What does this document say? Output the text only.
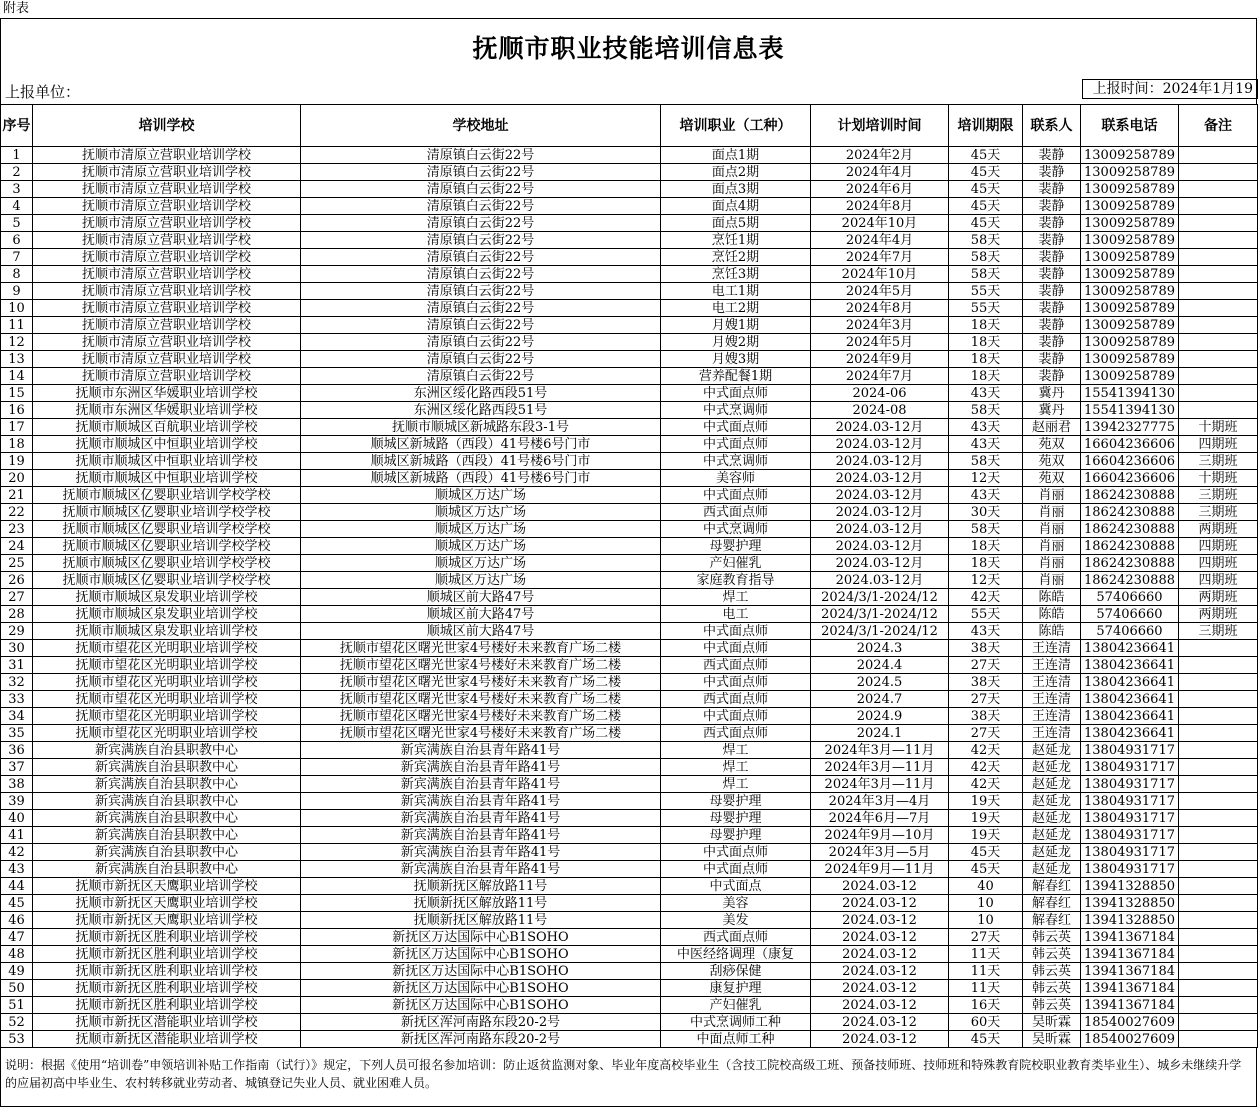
附表
抚顺市职业技能培训信息表
上报单位：	上报时间：2024年1月19
序号	培训学校	学校地址	培训职业（工种）	计划培训时间	培训期限	联系人	联系电话	备注
1	抚顺市清原立营职业培训学校	清原镇白云街22号	面点1期	2024年2月	45天	裴静	13009258789	
2	抚顺市清原立营职业培训学校	清原镇白云街22号	面点2期	2024年4月	45天	裴静	13009258789	
3	抚顺市清原立营职业培训学校	清原镇白云街22号	面点3期	2024年6月	45天	裴静	13009258789	
4	抚顺市清原立营职业培训学校	清原镇白云街22号	面点4期	2024年8月	45天	裴静	13009258789	
5	抚顺市清原立营职业培训学校	清原镇白云街22号	面点5期	2024年10月	45天	裴静	13009258789	
6	抚顺市清原立营职业培训学校	清原镇白云街22号	烹饪1期	2024年4月	58天	裴静	13009258789	
7	抚顺市清原立营职业培训学校	清原镇白云街22号	烹饪2期	2024年7月	58天	裴静	13009258789	
8	抚顺市清原立营职业培训学校	清原镇白云街22号	烹饪3期	2024年10月	58天	裴静	13009258789	
9	抚顺市清原立营职业培训学校	清原镇白云街22号	电工1期	2024年5月	55天	裴静	13009258789	
10	抚顺市清原立营职业培训学校	清原镇白云街22号	电工2期	2024年8月	55天	裴静	13009258789	
11	抚顺市清原立营职业培训学校	清原镇白云街22号	月嫂1期	2024年3月	18天	裴静	13009258789	
12	抚顺市清原立营职业培训学校	清原镇白云街22号	月嫂2期	2024年5月	18天	裴静	13009258789	
13	抚顺市清原立营职业培训学校	清原镇白云街22号	月嫂3期	2024年9月	18天	裴静	13009258789	
14	抚顺市清原立营职业培训学校	清原镇白云街22号	营养配餐1期	2024年7月	18天	裴静	13009258789	
15	抚顺市东洲区华媛职业培训学校	东洲区绥化路西段51号	中式面点师	2024-06	43天	冀丹	15541394130	
16	抚顺市东洲区华媛职业培训学校	东洲区绥化路西段51号	中式烹调师	2024-08	58天	冀丹	15541394130	
17	抚顺市顺城区百航职业培训学校	抚顺市顺城区新城路东段3-1号	中式面点师	2024.03-12月	43天	赵丽君	13942327775	十期班
18	抚顺市顺城区中恒职业培训学校	顺城区新城路（西段）41号楼6号门市	中式面点师	2024.03-12月	43天	苑双	16604236606	四期班
19	抚顺市顺城区中恒职业培训学校	顺城区新城路（西段）41号楼6号门市	中式烹调师	2024.03-12月	58天	苑双	16604236606	三期班
20	抚顺市顺城区中恒职业培训学校	顺城区新城路（西段）41号楼6号门市	美容师	2024.03-12月	12天	苑双	16604236606	十期班
21	抚顺市顺城区亿婴职业培训学校学校	顺城区万达广场	中式面点师	2024.03-12月	43天	肖丽	18624230888	三期班
22	抚顺市顺城区亿婴职业培训学校学校	顺城区万达广场	西式面点师	2024.03-12月	30天	肖丽	18624230888	三期班
23	抚顺市顺城区亿婴职业培训学校学校	顺城区万达广场	中式烹调师	2024.03-12月	58天	肖丽	18624230888	两期班
24	抚顺市顺城区亿婴职业培训学校学校	顺城区万达广场	母婴护理	2024.03-12月	18天	肖丽	18624230888	四期班
25	抚顺市顺城区亿婴职业培训学校学校	顺城区万达广场	产妇催乳	2024.03-12月	18天	肖丽	18624230888	四期班
26	抚顺市顺城区亿婴职业培训学校学校	顺城区万达广场	家庭教育指导	2024.03-12月	12天	肖丽	18624230888	四期班
27	抚顺市顺城区泉发职业培训学校	顺城区前大路47号	焊工	2024/3/1-2024/12	42天	陈皓	57406660	两期班
28	抚顺市顺城区泉发职业培训学校	顺城区前大路47号	电工	2024/3/1-2024/12	55天	陈皓	57406660	两期班
29	抚顺市顺城区泉发职业培训学校	顺城区前大路47号	中式面点师	2024/3/1-2024/12	43天	陈皓	57406660	三期班
30	抚顺市望花区光明职业培训学校	抚顺市望花区曙光世家4号楼好未来教育广场二楼	中式面点师	2024.3	38天	王连清	13804236641	
31	抚顺市望花区光明职业培训学校	抚顺市望花区曙光世家4号楼好未来教育广场二楼	西式面点师	2024.4	27天	王连清	13804236641	
32	抚顺市望花区光明职业培训学校	抚顺市望花区曙光世家4号楼好未来教育广场二楼	中式面点师	2024.5	38天	王连清	13804236641	
33	抚顺市望花区光明职业培训学校	抚顺市望花区曙光世家4号楼好未来教育广场二楼	西式面点师	2024.7	27天	王连清	13804236641	
34	抚顺市望花区光明职业培训学校	抚顺市望花区曙光世家4号楼好未来教育广场二楼	中式面点师	2024.9	38天	王连清	13804236641	
35	抚顺市望花区光明职业培训学校	抚顺市望花区曙光世家4号楼好未来教育广场二楼	西式面点师	2024.1	27天	王连清	13804236641	
36	新宾满族自治县职教中心	新宾满族自治县青年路41号	焊工	2024年3月—11月	42天	赵延龙	13804931717	
37	新宾满族自治县职教中心	新宾满族自治县青年路41号	焊工	2024年3月—11月	42天	赵延龙	13804931717	
38	新宾满族自治县职教中心	新宾满族自治县青年路41号	焊工	2024年3月—11月	42天	赵延龙	13804931717	
39	新宾满族自治县职教中心	新宾满族自治县青年路41号	母婴护理	2024年3月—4月	19天	赵延龙	13804931717	
40	新宾满族自治县职教中心	新宾满族自治县青年路41号	母婴护理	2024年6月—7月	19天	赵延龙	13804931717	
41	新宾满族自治县职教中心	新宾满族自治县青年路41号	母婴护理	2024年9月—10月	19天	赵延龙	13804931717	
42	新宾满族自治县职教中心	新宾满族自治县青年路41号	中式面点师	2024年3月—5月	45天	赵延龙	13804931717	
43	新宾满族自治县职教中心	新宾满族自治县青年路41号	中式面点师	2024年9月—11月	45天	赵延龙	13804931717	
44	抚顺市新抚区天鹰职业培训学校	抚顺新抚区解放路11号	中式面点	2024.03-12	40	解春红	13941328850	
45	抚顺市新抚区天鹰职业培训学校	抚顺新抚区解放路11号	美容	2024.03-12	10	解春红	13941328850	
46	抚顺市新抚区天鹰职业培训学校	抚顺新抚区解放路11号	美发	2024.03-12	10	解春红	13941328850	
47	抚顺市新抚区胜利职业培训学校	新抚区万达国际中心B1SOHO	西式面点师	2024.03-12	27天	韩云英	13941367184	
48	抚顺市新抚区胜利职业培训学校	新抚区万达国际中心B1SOHO	中医经络调理（康复	2024.03-12	11天	韩云英	13941367184	
49	抚顺市新抚区胜利职业培训学校	新抚区万达国际中心B1SOHO	刮痧保健	2024.03-12	11天	韩云英	13941367184	
50	抚顺市新抚区胜利职业培训学校	新抚区万达国际中心B1SOHO	康复护理	2024.03-12	11天	韩云英	13941367184	
51	抚顺市新抚区胜利职业培训学校	新抚区万达国际中心B1SOHO	产妇催乳	2024.03-12	16天	韩云英	13941367184	
52	抚顺市新抚区潜能职业培训学校	新抚区浑河南路东段20-2号	中式烹调师工种	2024.03-12	60天	吴昕霖	18540027609	
53	抚顺市新抚区潜能职业培训学校	新抚区浑河南路东段20-2号	中面点师工种	2024.03-12	45天	吴昕霖	18540027609	
说明：根据《使用“培训卷”申领培训补贴工作指南（试行）》规定，下列人员可报名参加培训：防止返贫监测对象、毕业年度高校毕业生（含技工院校高级工班、预备技师班、技师班和特殊教育院校职业教育类毕业生）、城乡未继续升学的应届初高中毕业生、农村转移就业劳动者、城镇登记失业人员、就业困难人员。
